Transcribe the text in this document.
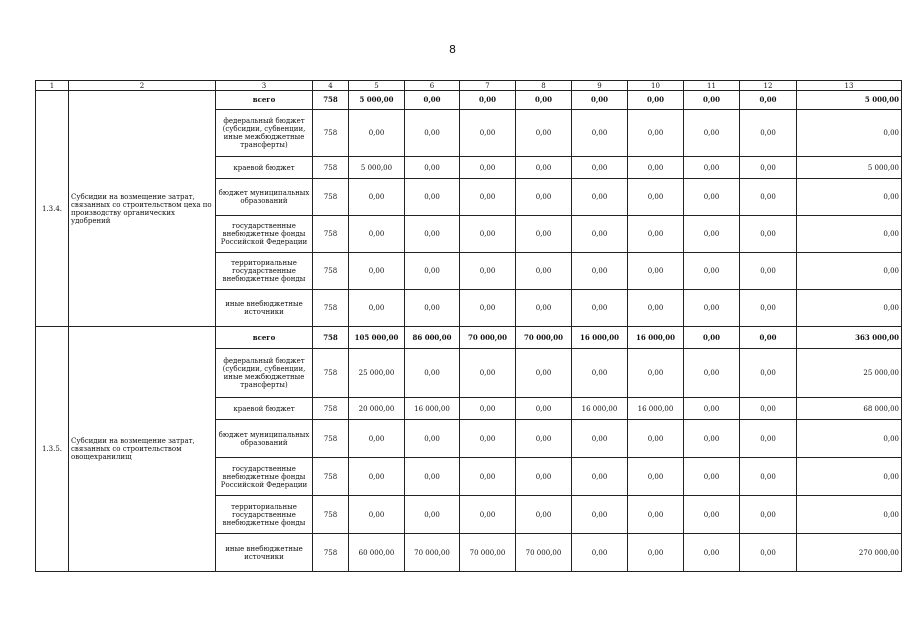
8
1	2	3	4	5	6	7	8	9	10	11	12	13
1.3.4.	Субсидии на возмещение затрат, связанных со строительством цеха по производству органических удобрений	всего	758	5 000,00	0,00	0,00	0,00	0,00	0,00	0,00	0,00	5 000,00
		федеральный бюджет (субсидии, субвенции, иные межбюджетные трансферты)	758	0,00	0,00	0,00	0,00	0,00	0,00	0,00	0,00	0,00
		краевой бюджет	758	5 000,00	0,00	0,00	0,00	0,00	0,00	0,00	0,00	5 000,00
		бюджет муниципальных образований	758	0,00	0,00	0,00	0,00	0,00	0,00	0,00	0,00	0,00
		государственные внебюджетные фонды Российской Федерации	758	0,00	0,00	0,00	0,00	0,00	0,00	0,00	0,00	0,00
		территориальные государственные внебюджетные фонды	758	0,00	0,00	0,00	0,00	0,00	0,00	0,00	0,00	0,00
		иные внебюджетные источники	758	0,00	0,00	0,00	0,00	0,00	0,00	0,00	0,00	0,00
1.3.5.	Субсидии на возмещение затрат, связанных со строительством овощехранилищ	всего	758	105 000,00	86 000,00	70 000,00	70 000,00	16 000,00	16 000,00	0,00	0,00	363 000,00
		федеральный бюджет (субсидии, субвенции, иные межбюджетные трансферты)	758	25 000,00	0,00	0,00	0,00	0,00	0,00	0,00	0,00	25 000,00
		краевой бюджет	758	20 000,00	16 000,00	0,00	0,00	16 000,00	16 000,00	0,00	0,00	68 000,00
		бюджет муниципальных образований	758	0,00	0,00	0,00	0,00	0,00	0,00	0,00	0,00	0,00
		государственные внебюджетные фонды Российской Федерации	758	0,00	0,00	0,00	0,00	0,00	0,00	0,00	0,00	0,00
		территориальные государственные внебюджетные фонды	758	0,00	0,00	0,00	0,00	0,00	0,00	0,00	0,00	0,00
		иные внебюджетные источники	758	60 000,00	70 000,00	70 000,00	70 000,00	0,00	0,00	0,00	0,00	270 000,00
